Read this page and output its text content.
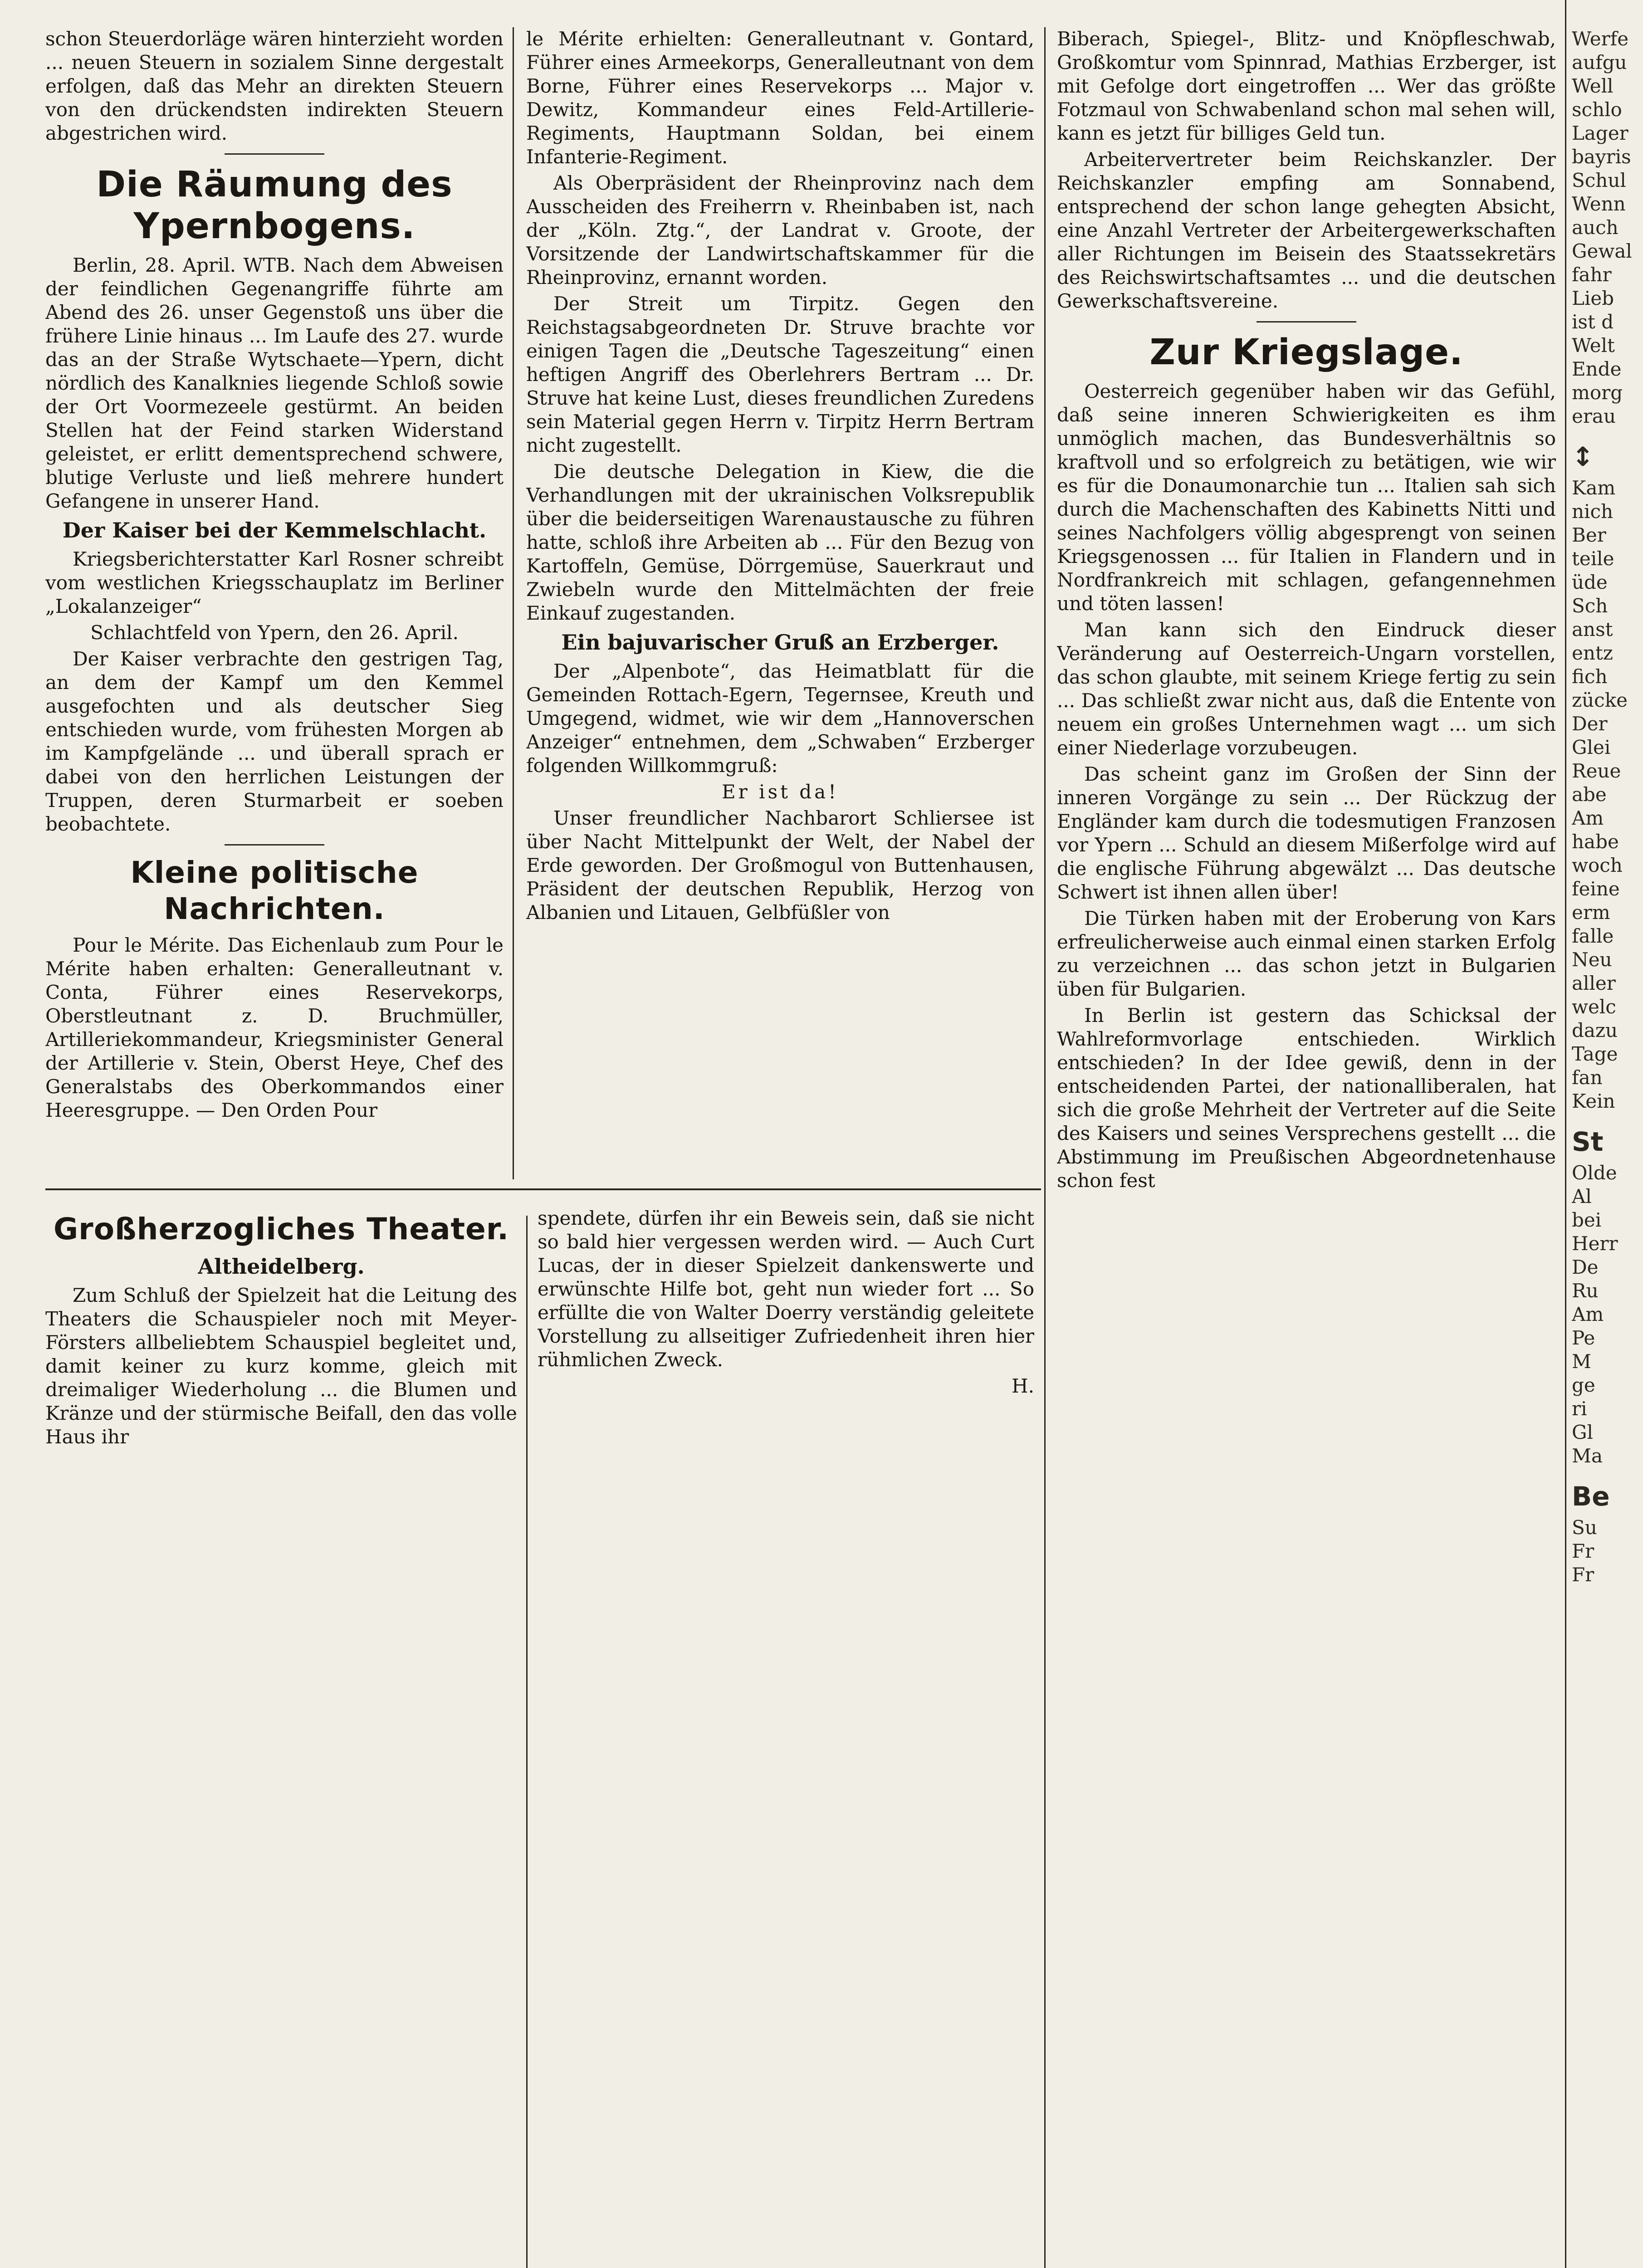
schon Steuerdorläge wären hinterzieht worden ... neuen Steuern in sozialem Sinne dergestalt erfolgen, daß das Mehr an direkten Steuern von den drückendsten indirekten Steuern abgestrichen wird.

Die Räumung des Ypernbogens.

Berlin, 28. April. WTB. Nach dem Abweisen der feindlichen Gegenangriffe führte am Abend des 26. unser Gegenstoß uns über die frühere Linie hinaus ... Im Laufe des 27. wurde das an der Straße Wytschaete—Ypern, dicht nördlich des Kanalknies liegende Schloß sowie der Ort Voormezeele gestürmt. An beiden Stellen hat der Feind starken Widerstand geleistet, er erlitt dementsprechend schwere, blutige Verluste und ließ mehrere hundert Gefangene in unserer Hand.

Der Kaiser bei der Kemmelschlacht.

Kriegsberichterstatter Karl Rosner schreibt vom westlichen Kriegsschauplatz im Berliner „Lokalanzeiger“

Schlachtfeld von Ypern, den 26. April.

Der Kaiser verbrachte den gestrigen Tag, an dem der Kampf um den Kemmel ausgefochten und als deutscher Sieg entschieden wurde, vom frühesten Morgen ab im Kampfgelände ... und überall sprach er dabei von den herrlichen Leistungen der Truppen, deren Sturmarbeit er soeben beobachtete.

Kleine politische Nachrichten.

Pour le Mérite. Das Eichenlaub zum Pour le Mérite haben erhalten: Generalleutnant v. Conta, Führer eines Reservekorps, Oberstleutnant z. D. Bruchmüller, Artilleriekommandeur, Kriegsminister General der Artillerie v. Stein, Oberst Heye, Chef des Generalstabs des Oberkommandos einer Heeresgruppe. — Den Orden Pour

le Mérite erhielten: Generalleutnant v. Gontard, Führer eines Armeekorps, Generalleutnant von dem Borne, Führer eines Reservekorps ... Major v. Dewitz, Kommandeur eines Feld-Artillerie-Regiments, Hauptmann Soldan, bei einem Infanterie-Regiment.

Als Oberpräsident der Rheinprovinz nach dem Ausscheiden des Freiherrn v. Rheinbaben ist, nach der „Köln. Ztg.“, der Landrat v. Groote, der Vorsitzende der Landwirtschaftskammer für die Rheinprovinz, ernannt worden.

Der Streit um Tirpitz. Gegen den Reichstagsabgeordneten Dr. Struve brachte vor einigen Tagen die „Deutsche Tageszeitung“ einen heftigen Angriff des Oberlehrers Bertram ... Dr. Struve hat keine Lust, dieses freundlichen Zuredens sein Material gegen Herrn v. Tirpitz Herrn Bertram nicht zugestellt.

Die deutsche Delegation in Kiew, die die Verhandlungen mit der ukrainischen Volksrepublik über die beiderseitigen Warenaustausche zu führen hatte, schloß ihre Arbeiten ab ... Für den Bezug von Kartoffeln, Gemüse, Dörrgemüse, Sauerkraut und Zwiebeln wurde den Mittelmächten der freie Einkauf zugestanden.

Ein bajuvarischer Gruß an Erzberger.

Der „Alpenbote“, das Heimatblatt für die Gemeinden Rottach-Egern, Tegernsee, Kreuth und Umgegend, widmet, wie wir dem „Hannoverschen Anzeiger“ entnehmen, dem „Schwaben“ Erzberger folgenden Willkommgruß:

Er ist da!

Unser freundlicher Nachbarort Schliersee ist über Nacht Mittelpunkt der Welt, der Nabel der Erde geworden. Der Großmogul von Buttenhausen, Präsident der deutschen Republik, Herzog von Albanien und Litauen, Gelbfüßler von

Biberach, Spiegel-, Blitz- und Knöpfleschwab, Großkomtur vom Spinnrad, Mathias Erzberger, ist mit Gefolge dort eingetroffen ... Wer das größte Fotzmaul von Schwabenland schon mal sehen will, kann es jetzt für billiges Geld tun.

Arbeitervertreter beim Reichskanzler. Der Reichskanzler empfing am Sonnabend, entsprechend der schon lange gehegten Absicht, eine Anzahl Vertreter der Arbeitergewerkschaften aller Richtungen im Beisein des Staatssekretärs des Reichswirtschaftsamtes ... und die deutschen Gewerkschaftsvereine.

Zur Kriegslage.

Oesterreich gegenüber haben wir das Gefühl, daß seine inneren Schwierigkeiten es ihm unmöglich machen, das Bundesverhältnis so kraftvoll und so erfolgreich zu betätigen, wie wir es für die Donaumonarchie tun ... Italien sah sich durch die Machenschaften des Kabinetts Nitti und seines Nachfolgers völlig abgesprengt von seinen Kriegsgenossen ... für Italien in Flandern und in Nordfrankreich mit schlagen, gefangennehmen und töten lassen!

Man kann sich den Eindruck dieser Veränderung auf Oesterreich-Ungarn vorstellen, das schon glaubte, mit seinem Kriege fertig zu sein ... Das schließt zwar nicht aus, daß die Entente von neuem ein großes Unternehmen wagt ... um sich einer Niederlage vorzubeugen.

Das scheint ganz im Großen der Sinn der inneren Vorgänge zu sein ... Der Rückzug der Engländer kam durch die todesmutigen Franzosen vor Ypern ... Schuld an diesem Mißerfolge wird auf die englische Führung abgewälzt ... Das deutsche Schwert ist ihnen allen über!

Die Türken haben mit der Eroberung von Kars erfreulicherweise auch einmal einen starken Erfolg zu verzeichnen ... das schon jetzt in Bulgarien üben für Bulgarien.

In Berlin ist gestern das Schicksal der Wahlreformvorlage entschieden. Wirklich entschieden? In der Idee gewiß, denn in der entscheidenden Partei, der nationalliberalen, hat sich die große Mehrheit der Vertreter auf die Seite des Kaisers und seines Versprechens gestellt ... die Abstimmung im Preußischen Abgeordnetenhause schon fest

Großherzogliches Theater.
Altheidelberg.

Zum Schluß der Spielzeit hat die Leitung des Theaters die Schauspieler noch mit Meyer-Försters allbeliebtem Schauspiel begleitet und, damit keiner zu kurz komme, gleich mit dreimaliger Wiederholung ... die Blumen und Kränze und der stürmische Beifall, den das volle Haus ihr

spendete, dürfen ihr ein Beweis sein, daß sie nicht so bald hier vergessen werden wird. — Auch Curt Lucas, der in dieser Spielzeit dankenswerte und erwünschte Hilfe bot, geht nun wieder fort ... So erfüllte die von Walter Doerry verständig geleitete Vorstellung zu allseitiger Zufriedenheit ihren hier rühmlichen Zweck.

H.

Werfe

aufgu

Well

schlo

Lager

bayris

Schul

Wenn

auch

Gewal

fahr

Lieb

ist d

Welt

Ende

morg

erau

↕

Kam

nich

Ber

teile

üde

Sch

anst

entz

fich

zücke

Der

Glei

Reue

abe

Am

habe

woch

feine

erm

falle

Neu

aller

welc

dazu

Tage

fan

Kein

St

Olde

Al

bei

Herr

De

Ru

Am

Pe

M

ge

ri

Gl

Ma

Be

Su

Fr

Fr
